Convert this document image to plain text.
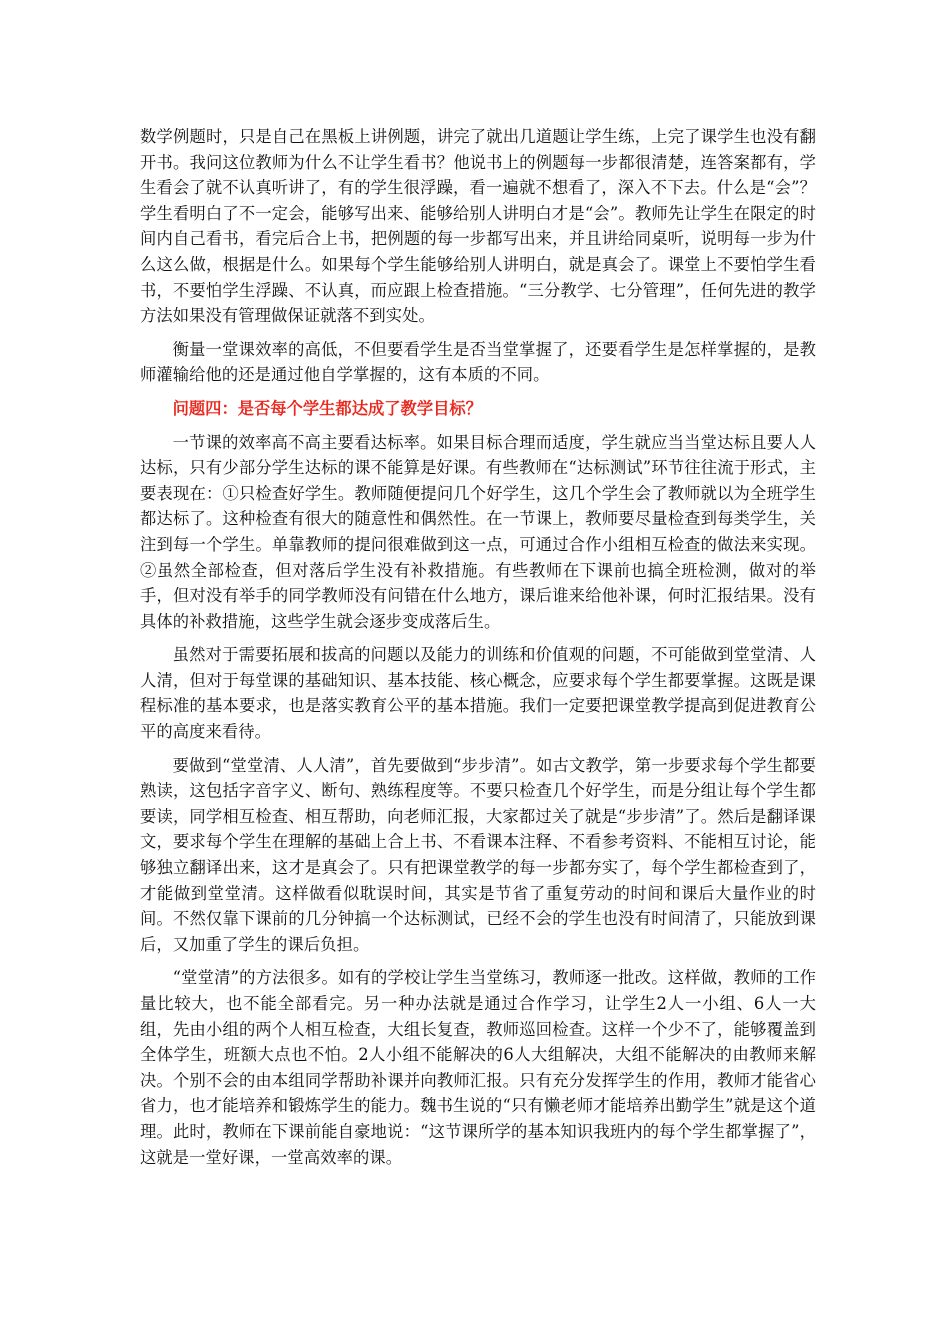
数学例题时，只是自己在黑板上讲例题，讲完了就出几道题让学生练，上完了课学生也没有翻开书。我问这位教师为什么不让学生看书？他说书上的例题每一步都很清楚，连答案都有，学生看会了就不认真听讲了，有的学生很浮躁，看一遍就不想看了，深入不下去。什么是“会”？学生看明白了不一定会，能够写出来、能够给别人讲明白才是“会”。教师先让学生在限定的时间内自己看书，看完后合上书，把例题的每一步都写出来，并且讲给同桌听，说明每一步为什么这么做，根据是什么。如果每个学生能够给别人讲明白，就是真会了。课堂上不要怕学生看书，不要怕学生浮躁、不认真，而应跟上检查措施。“三分教学、七分管理”，任何先进的教学方法如果没有管理做保证就落不到实处。

衡量一堂课效率的高低，不但要看学生是否当堂掌握了，还要看学生是怎样掌握的，是教师灌输给他的还是通过他自学掌握的，这有本质的不同。

问题四：是否每个学生都达成了教学目标？

一节课的效率高不高主要看达标率。如果目标合理而适度，学生就应当当堂达标且要人人达标，只有少部分学生达标的课不能算是好课。有些教师在“达标测试”环节往往流于形式，主要表现在：①只检查好学生。教师随便提问几个好学生，这几个学生会了教师就以为全班学生都达标了。这种检查有很大的随意性和偶然性。在一节课上，教师要尽量检查到每类学生，关注到每一个学生。单靠教师的提问很难做到这一点，可通过合作小组相互检查的做法来实现。②虽然全部检查，但对落后学生没有补救措施。有些教师在下课前也搞全班检测，做对的举手，但对没有举手的同学教师没有问错在什么地方，课后谁来给他补课，何时汇报结果。没有具体的补救措施，这些学生就会逐步变成落后生。

虽然对于需要拓展和拔高的问题以及能力的训练和价值观的问题，不可能做到堂堂清、人人清，但对于每堂课的基础知识、基本技能、核心概念，应要求每个学生都要掌握。这既是课程标准的基本要求，也是落实教育公平的基本措施。我们一定要把课堂教学提高到促进教育公平的高度来看待。

要做到“堂堂清、人人清”，首先要做到“步步清”。如古文教学，第一步要求每个学生都要熟读，这包括字音字义、断句、熟练程度等。不要只检查几个好学生，而是分组让每个学生都要读，同学相互检查、相互帮助，向老师汇报，大家都过关了就是“步步清”了。然后是翻译课文，要求每个学生在理解的基础上合上书、不看课本注释、不看参考资料、不能相互讨论，能够独立翻译出来，这才是真会了。只有把课堂教学的每一步都夯实了，每个学生都检查到了，才能做到堂堂清。这样做看似耽误时间，其实是节省了重复劳动的时间和课后大量作业的时间。不然仅靠下课前的几分钟搞一个达标测试，已经不会的学生也没有时间清了，只能放到课后，又加重了学生的课后负担。

“堂堂清”的方法很多。如有的学校让学生当堂练习，教师逐一批改。这样做，教师的工作量比较大，也不能全部看完。另一种办法就是通过合作学习，让学生2人一小组、6人一大组，先由小组的两个人相互检查，大组长复查，教师巡回检查。这样一个少不了，能够覆盖到全体学生，班额大点也不怕。2人小组不能解决的6人大组解决，大组不能解决的由教师来解决。个别不会的由本组同学帮助补课并向教师汇报。只有充分发挥学生的作用，教师才能省心省力，也才能培养和锻炼学生的能力。魏书生说的“只有懒老师才能培养出勤学生”就是这个道理。此时，教师在下课前能自豪地说：“这节课所学的基本知识我班内的每个学生都掌握了”，这就是一堂好课，一堂高效率的课。
